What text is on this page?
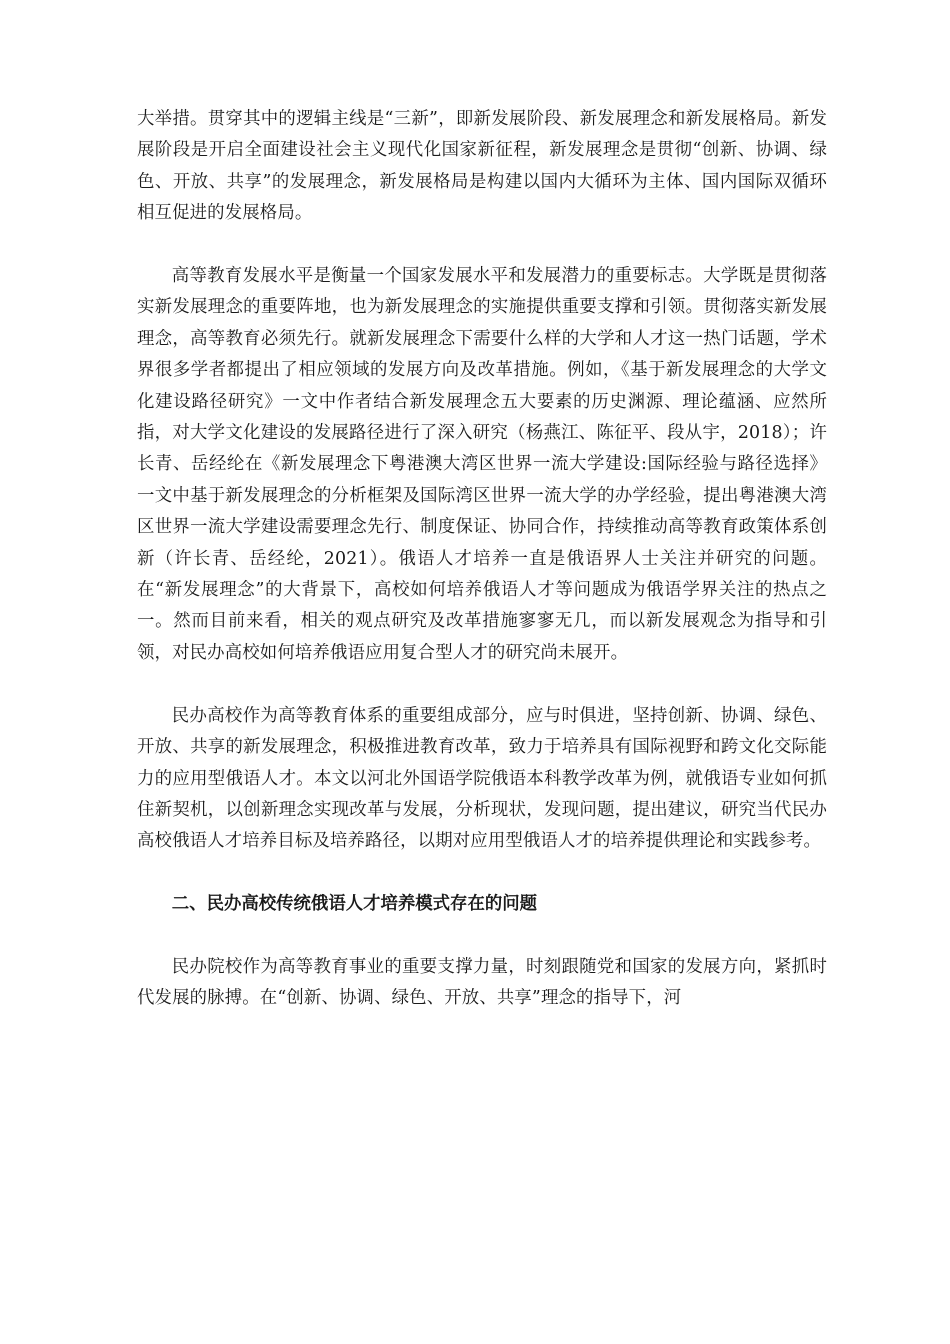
大举措。贯穿其中的逻辑主线是“三新”，即新发展阶段、新发展理念和新发展格局。新发展阶段是开启全面建设社会主义现代化国家新征程，新发展理念是贯彻“创新、协调、绿色、开放、共享”的发展理念，新发展格局是构建以国内大循环为主体、国内国际双循环相互促进的发展格局。

高等教育发展水平是衡量一个国家发展水平和发展潜力的重要标志。大学既是贯彻落实新发展理念的重要阵地，也为新发展理念的实施提供重要支撑和引领。贯彻落实新发展理念，高等教育必须先行。就新发展理念下需要什么样的大学和人才这一热门话题，学术界很多学者都提出了相应领域的发展方向及改革措施。例如，《基于新发展理念的大学文化建设路径研究》一文中作者结合新发展理念五大要素的历史渊源、理论蕴涵、应然所指，对大学文化建设的发展路径进行了深入研究（杨燕江、陈征平、段从宇，2018）；许长青、岳经纶在《新发展理念下粤港澳大湾区世界一流大学建设:国际经验与路径选择》一文中基于新发展理念的分析框架及国际湾区世界一流大学的办学经验，提出粤港澳大湾区世界一流大学建设需要理念先行、制度保证、协同合作，持续推动高等教育政策体系创新（许长青、岳经纶，2021）。俄语人才培养一直是俄语界人士关注并研究的问题。在“新发展理念”的大背景下，高校如何培养俄语人才等问题成为俄语学界关注的热点之一。然而目前来看，相关的观点研究及改革措施寥寥无几，而以新发展观念为指导和引领，对民办高校如何培养俄语应用复合型人才的研究尚未展开。

民办高校作为高等教育体系的重要组成部分，应与时俱进，坚持创新、协调、绿色、开放、共享的新发展理念，积极推进教育改革，致力于培养具有国际视野和跨文化交际能力的应用型俄语人才。本文以河北外国语学院俄语本科教学改革为例，就俄语专业如何抓住新契机，以创新理念实现改革与发展，分析现状，发现问题，提出建议，研究当代民办高校俄语人才培养目标及培养路径，以期对应用型俄语人才的培养提供理论和实践参考。

二、民办高校传统俄语人才培养模式存在的问题

民办院校作为高等教育事业的重要支撑力量，时刻跟随党和国家的发展方向，紧抓时代发展的脉搏。在“创新、协调、绿色、开放、共享”理念的指导下，河
